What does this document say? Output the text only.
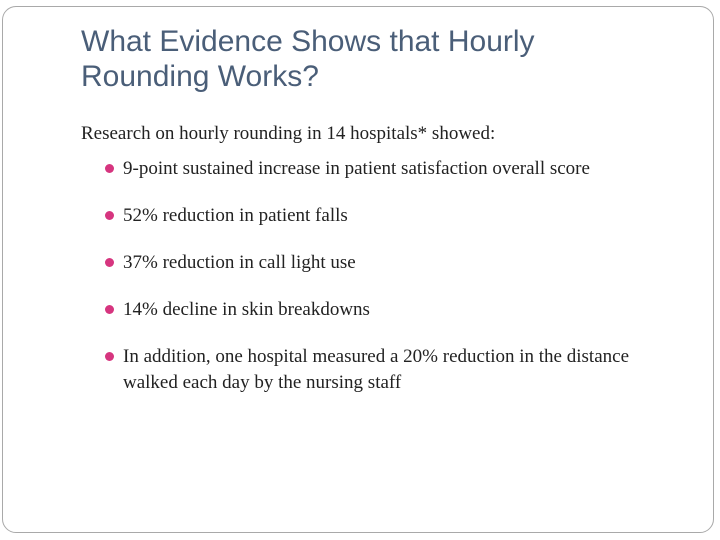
What Evidence Shows that Hourly Rounding Works?

Research on hourly rounding in 14 hospitals* showed:

9-point sustained increase in patient satisfaction overall score
52% reduction in patient falls
37% reduction in call light use
14% decline in skin breakdowns
In addition, one hospital measured a 20% reduction in the distance walked each day by the nursing staff
